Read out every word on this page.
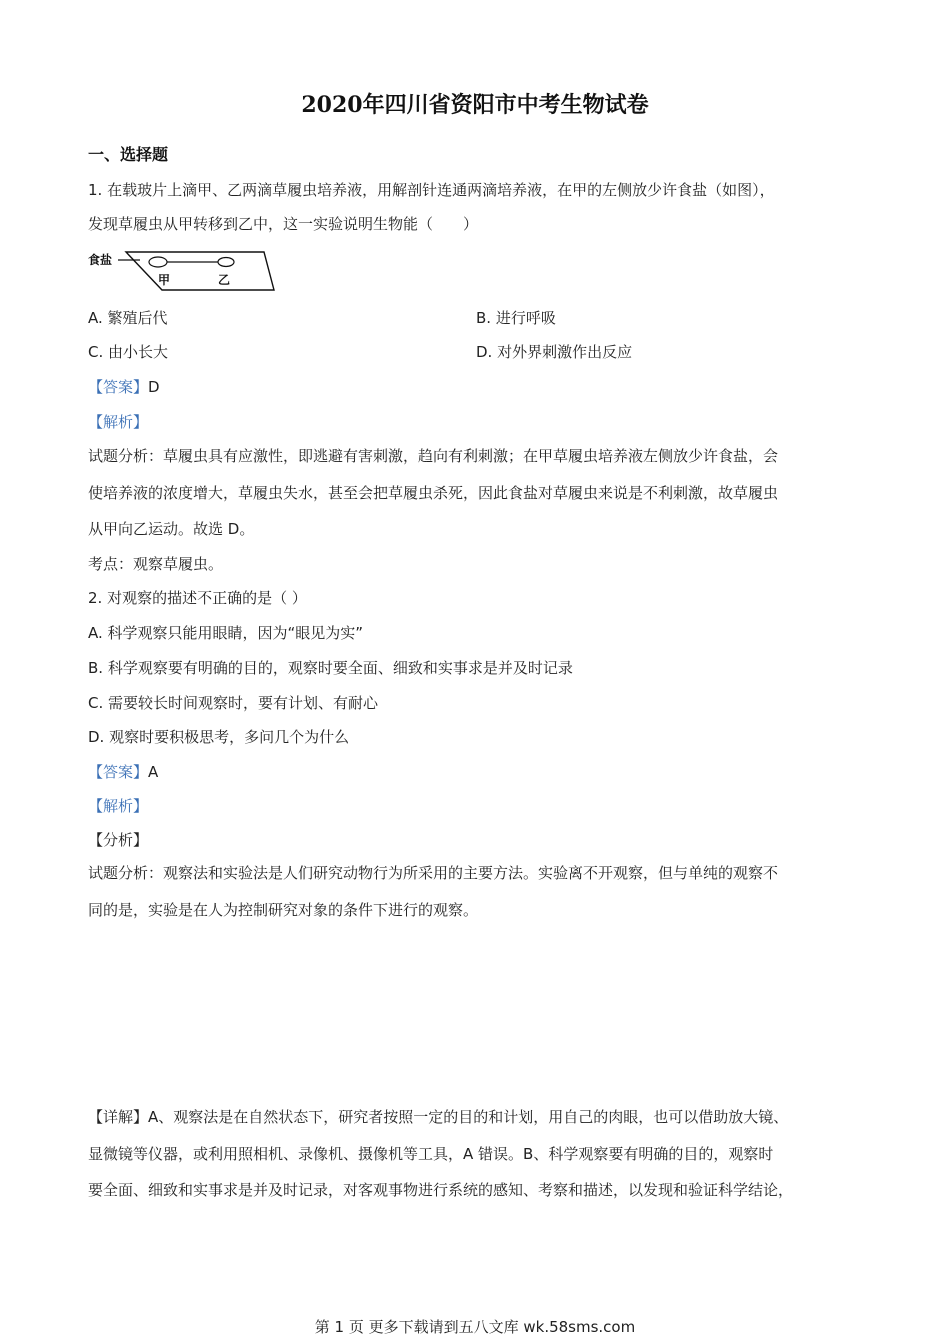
2020年四川省资阳市中考生物试卷
一、选择题
1. 在载玻片上滴甲、乙两滴草履虫培养液，用解剖针连通两滴培养液，在甲的左侧放少许食盐（如图），
发现草履虫从甲转移到乙中，这一实验说明生物能（　　）
食盐
甲	乙
A. 繁殖后代	B. 进行呼吸
C. 由小长大	D. 对外界刺激作出反应
【答案】D
【解析】
试题分析：草履虫具有应激性，即逃避有害刺激，趋向有利刺激；在甲草履虫培养液左侧放少许食盐，会
使培养液的浓度增大，草履虫失水，甚至会把草履虫杀死，因此食盐对草履虫来说是不利刺激，故草履虫
从甲向乙运动。故选 D。
考点：观察草履虫。
2. 对观察的描述不正确的是（ ）
A. 科学观察只能用眼睛，因为“眼见为实”
B. 科学观察要有明确的目的，观察时要全面、细致和实事求是并及时记录
C. 需要较长时间观察时，要有计划、有耐心
D. 观察时要积极思考，多问几个为什么
【答案】A
【解析】
【分析】
试题分析：观察法和实验法是人们研究动物行为所采用的主要方法。实验离不开观察，但与单纯的观察不
同的是，实验是在人为控制研究对象的条件下进行的观察。
【详解】A、观察法是在自然状态下，研究者按照一定的目的和计划，用自己的肉眼，也可以借助放大镜、
显微镜等仪器，或利用照相机、录像机、摄像机等工具，A 错误。B、科学观察要有明确的目的，观察时
要全面、细致和实事求是并及时记录，对客观事物进行系统的感知、考察和描述，以发现和验证科学结论，
第 1 页 更多下载请到五八文库 wk.58sms.com
